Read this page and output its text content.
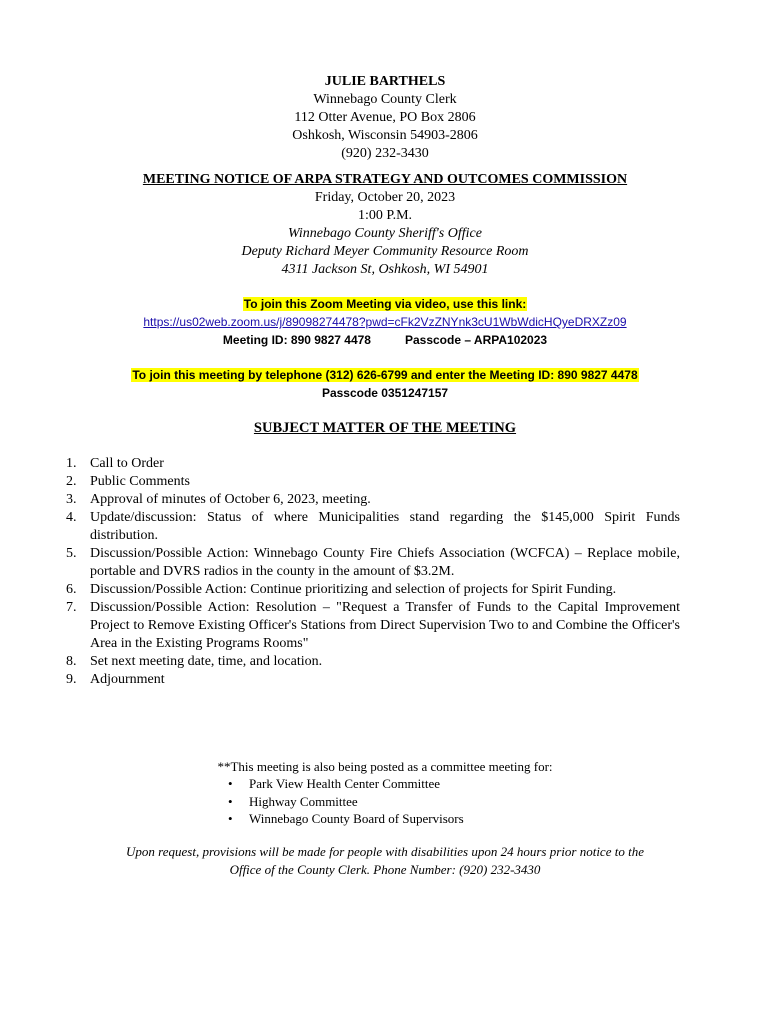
JULIE BARTHELS
Winnebago County Clerk
112 Otter Avenue, PO Box 2806
Oshkosh, Wisconsin 54903-2806
(920) 232-3430
MEETING NOTICE OF ARPA STRATEGY AND OUTCOMES COMMISSION
Friday, October 20, 2023
1:00 P.M.
Winnebago County Sheriff's Office
Deputy Richard Meyer Community Resource Room
4311 Jackson St, Oshkosh, WI 54901
To join this Zoom Meeting via video, use this link:
https://us02web.zoom.us/j/89098274478?pwd=cFk2VzZNYnk3cU1WbWdicHQyeDRXZz09
Meeting ID: 890 9827 4478	Passcode – ARPA102023
To join this meeting by telephone (312) 626-6799 and enter the Meeting ID: 890 9827 4478
Passcode 0351247157
SUBJECT MATTER OF THE MEETING
1. Call to Order
2. Public Comments
3. Approval of minutes of October 6, 2023, meeting.
4. Update/discussion: Status of where Municipalities stand regarding the $145,000 Spirit Funds distribution.
5. Discussion/Possible Action: Winnebago County Fire Chiefs Association (WCFCA) – Replace mobile, portable and DVRS radios in the county in the amount of $3.2M.
6. Discussion/Possible Action: Continue prioritizing and selection of projects for Spirit Funding.
7. Discussion/Possible Action: Resolution – "Request a Transfer of Funds to the Capital Improvement Project to Remove Existing Officer's Stations from Direct Supervision Two to and Combine the Officer's Area in the Existing Programs Rooms"
8. Set next meeting date, time, and location.
9. Adjournment
**This meeting is also being posted as a committee meeting for:
• Park View Health Center Committee
• Highway Committee
• Winnebago County Board of Supervisors
Upon request, provisions will be made for people with disabilities upon 24 hours prior notice to the
Office of the County Clerk. Phone Number: (920) 232-3430
